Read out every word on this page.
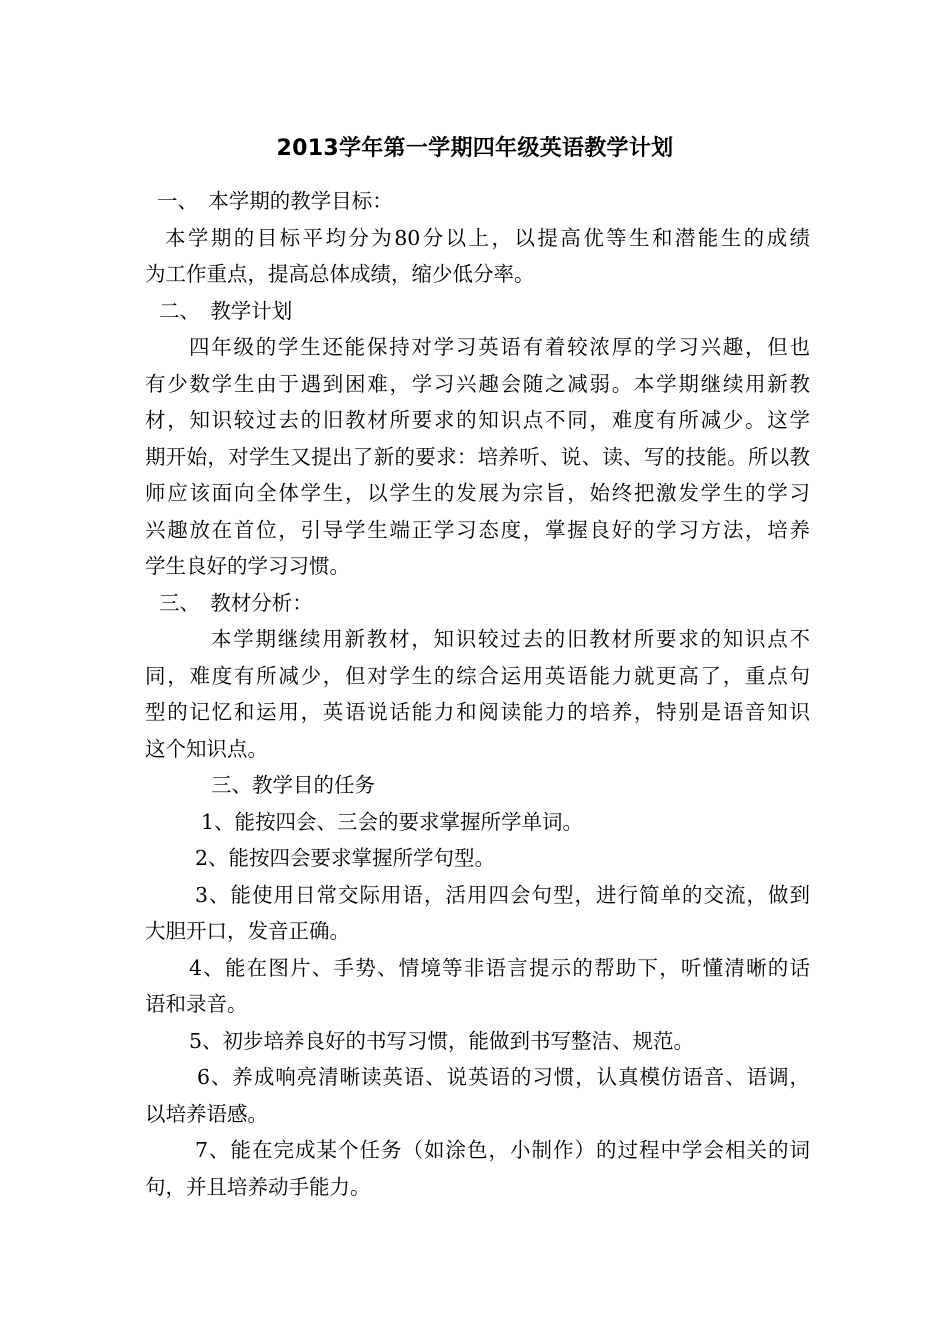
2013学年第一学期四年级英语教学计划
一、　本学期的教学目标：
本学期的目标平均分为80分以上，以提高优等生和潜能生的成绩
为工作重点，提高总体成绩，缩少低分率。
二、　教学计划
四年级的学生还能保持对学习英语有着较浓厚的学习兴趣，但也
有少数学生由于遇到困难，学习兴趣会随之减弱。本学期继续用新教
材，知识较过去的旧教材所要求的知识点不同，难度有所减少。这学
期开始，对学生又提出了新的要求：培养听、说、读、写的技能。所以教
师应该面向全体学生，以学生的发展为宗旨，始终把激发学生的学习
兴趣放在首位，引导学生端正学习态度，掌握良好的学习方法，培养
学生良好的学习习惯。
三、　教材分析：
本学期继续用新教材，知识较过去的旧教材所要求的知识点不
同，难度有所减少，但对学生的综合运用英语能力就更高了，重点句
型的记忆和运用，英语说话能力和阅读能力的培养，特别是语音知识
这个知识点。
三、教学目的任务
1、能按四会、三会的要求掌握所学单词。
2、能按四会要求掌握所学句型。
3、能使用日常交际用语，活用四会句型，进行简单的交流，做到
大胆开口，发音正确。
4、能在图片、手势、情境等非语言提示的帮助下，听懂清晰的话
语和录音。
5、初步培养良好的书写习惯，能做到书写整洁、规范。
6、养成响亮清晰读英语、说英语的习惯，认真模仿语音、语调，
以培养语感。
7、能在完成某个任务（如涂色，小制作）的过程中学会相关的词
句，并且培养动手能力。
